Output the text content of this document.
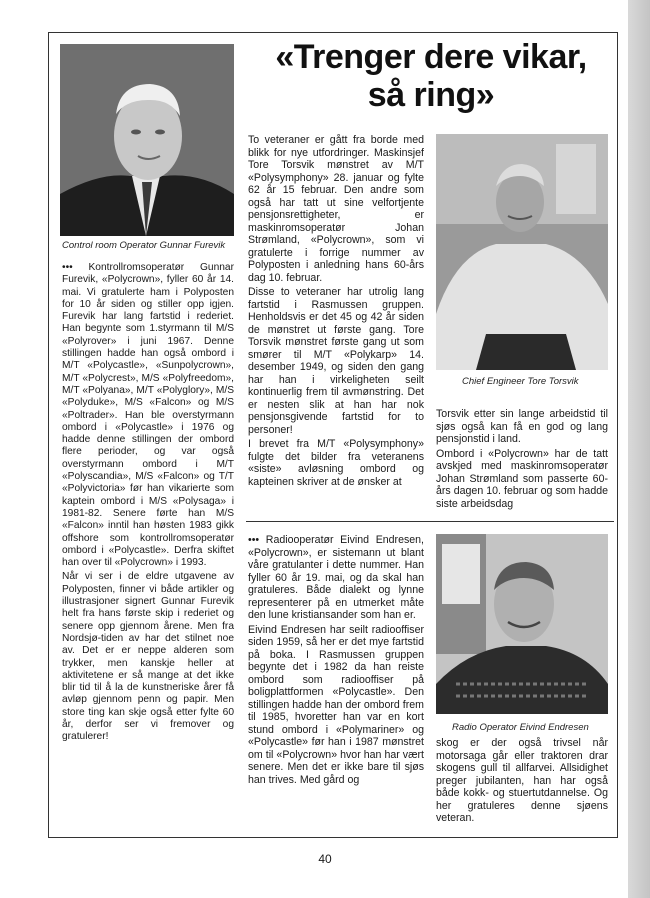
Control room Operator Gunnar Furevik
«Trenger dere vikar,
så ring»

••• Kontrollromsoperatør Gunnar Furevik, «Polycrown», fyller 60 år 14. mai. Vi gratulerte ham i Polyposten for 10 år siden og stiller opp igjen. Furevik har lang fartstid i rederiet. Han begynte som 1.styrmann til M/S «Polyrover» i juni 1967. Denne stillingen hadde han også ombord i M/T «Polycastle», «Sunpolycrown», M/T «Polycrest», M/S «Polyfreedom», M/T «Polyana», M/T «Polyglory», M/S «Polyduke», M/S «Falcon» og M/S «Poltrader». Han ble overstyrmann ombord i «Polycastle» i 1976 og hadde denne stillingen der ombord flere perioder, og var også overstyrmann ombord i M/T «Polyscandia», M/S «Falcon» og T/T «Polyvictoria» før han vikarierte som kaptein ombord i M/S «Polysaga» i 1981-82. Senere førte han M/S «Falcon» inntil han høsten 1983 gikk offshore som kontrollromsoperatør ombord i «Polycastle». Derfra skiftet han over til «Polycrown» i 1993.

Når vi ser i de eldre utgavene av Polyposten, finner vi både artikler og illustrasjoner signert Gunnar Furevik helt fra hans første skip i rederiet og senere opp gjennom årene. Men fra Nordsjø-tiden av har det stilnet noe av. Det er er neppe alderen som trykker, men kanskje heller at aktivitetene er så mange at det ikke blir tid til å la de kunstneriske årer få avløp gjennom penn og papir. Men store ting kan skje også etter fylte 60 år, derfor ser vi fremover og gratulerer!

To veteraner er gått fra borde med blikk for nye utfordringer. Maskinsjef Tore Torsvik mønstret av M/T «Polysymphony» 28. januar og fylte 62 år 15 februar. Den andre som også har tatt ut sine velfortjente pensjonsrettigheter, er maskinromsoperatør Johan Strømland, «Polycrown», som vi gratulerte i forrige nummer av Polyposten i anledning hans 60-års dag 10. februar.

Disse to veteraner har utrolig lang fartstid i Rasmussen gruppen. Henholdsvis er det 45 og 42 år siden de mønstret ut første gang. Tore Torsvik mønstret første gang ut som smører til M/T «Polykarp» 14. desember 1949, og siden den gang har han i virkeligheten seilt kontinuerlig frem til avmønstring. Det er nesten slik at han har nok pensjonsgivende fartstid for to personer!

I brevet fra M/T «Polysymphony» fulgte det bilder fra veteranens «siste» avløsning ombord og kapteinen skriver at de ønsker at

Chief Engineer Tore Torsvik

Torsvik etter sin lange arbeidstid til sjøs også kan få en god og lang pensjonstid i land.

Ombord i «Polycrown» har de tatt avskjed med maskinromsoperatør Johan Strømland som passerte 60-års dagen 10. februar og som hadde siste arbeidsdag

••• Radiooperatør Eivind Endresen, «Polycrown», er sistemann ut blant våre gratulanter i dette nummer. Han fyller 60 år 19. mai, og da skal han gratuleres. Både dialekt og lynne representerer på en utmerket måte den lune kristiansander som han er.

Eivind Endresen har seilt radiooffiser siden 1959, så her er det mye fartstid på boka. I Rasmussen gruppen begynte det i 1982 da han reiste ombord som radiooffiser på boligplattformen «Polycastle». Den stillingen hadde han der ombord frem til 1985, hvoretter han var en kort stund ombord i «Polymariner» og «Polycastle» før han i 1987 mønstret om til «Polycrown» hvor han har vært senere. Men det er ikke bare til sjøs han trives. Med gård og

Radio Operator Eivind Endresen

skog er der også trivsel når motorsaga går eller traktoren drar skogens gull til allfarvei. Allsidighet preger jubilanten, han har også både kokk- og stuertutdannelse. Og her gratuleres denne sjøens veteran.

40
